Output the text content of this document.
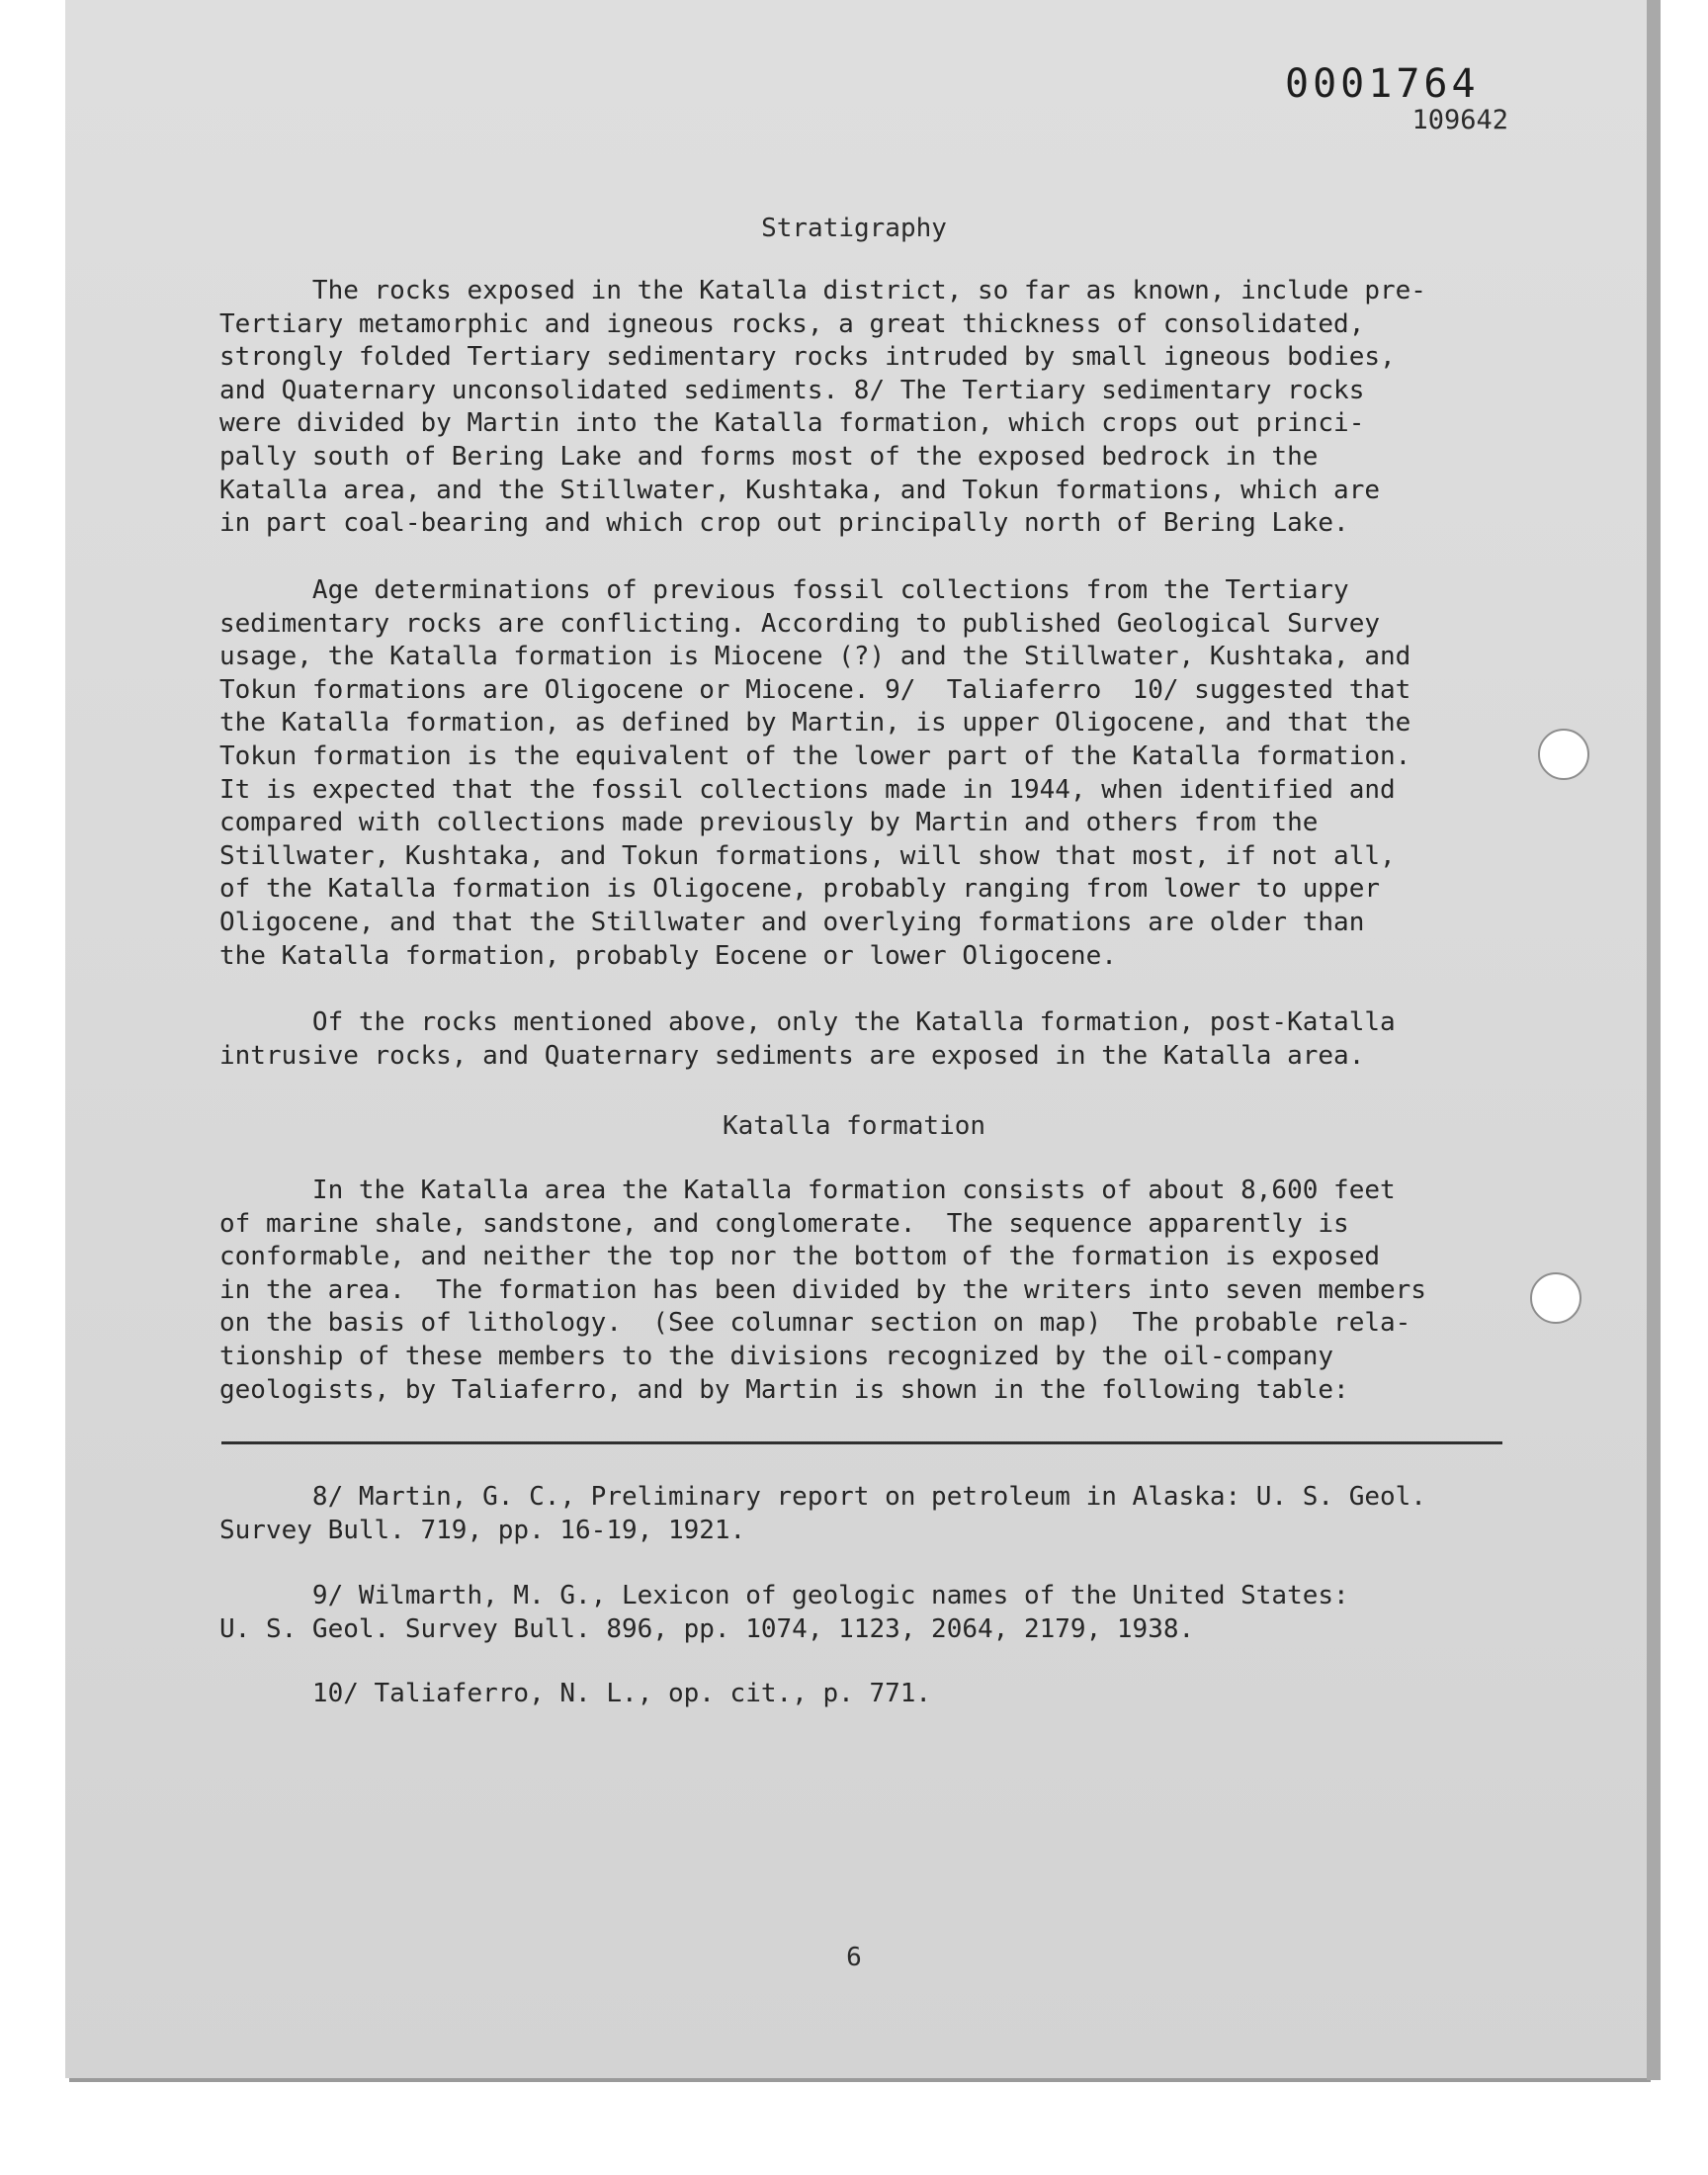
0001764
109642
Stratigraphy
The rocks exposed in the Katalla district, so far as known, include pre-
Tertiary metamorphic and igneous rocks, a great thickness of consolidated,
strongly folded Tertiary sedimentary rocks intruded by small igneous bodies,
and Quaternary unconsolidated sediments. 8/ The Tertiary sedimentary rocks
were divided by Martin into the Katalla formation, which crops out princi-
pally south of Bering Lake and forms most of the exposed bedrock in the
Katalla area, and the Stillwater, Kushtaka, and Tokun formations, which are
in part coal-bearing and which crop out principally north of Bering Lake.
Age determinations of previous fossil collections from the Tertiary
sedimentary rocks are conflicting. According to published Geological Survey
usage, the Katalla formation is Miocene (?) and the Stillwater, Kushtaka, and
Tokun formations are Oligocene or Miocene. 9/  Taliaferro  10/ suggested that
the Katalla formation, as defined by Martin, is upper Oligocene, and that the
Tokun formation is the equivalent of the lower part of the Katalla formation.
It is expected that the fossil collections made in 1944, when identified and
compared with collections made previously by Martin and others from the
Stillwater, Kushtaka, and Tokun formations, will show that most, if not all,
of the Katalla formation is Oligocene, probably ranging from lower to upper
Oligocene, and that the Stillwater and overlying formations are older than
the Katalla formation, probably Eocene or lower Oligocene.
Of the rocks mentioned above, only the Katalla formation, post-Katalla
intrusive rocks, and Quaternary sediments are exposed in the Katalla area.
Katalla formation
In the Katalla area the Katalla formation consists of about 8,600 feet
of marine shale, sandstone, and conglomerate.  The sequence apparently is
conformable, and neither the top nor the bottom of the formation is exposed
in the area.  The formation has been divided by the writers into seven members
on the basis of lithology.  (See columnar section on map)  The probable rela-
tionship of these members to the divisions recognized by the oil-company
geologists, by Taliaferro, and by Martin is shown in the following table:
8/ Martin, G. C., Preliminary report on petroleum in Alaska: U. S. Geol.
Survey Bull. 719, pp. 16-19, 1921.
9/ Wilmarth, M. G., Lexicon of geologic names of the United States:
U. S. Geol. Survey Bull. 896, pp. 1074, 1123, 2064, 2179, 1938.
10/ Taliaferro, N. L., op. cit., p. 771.
6
